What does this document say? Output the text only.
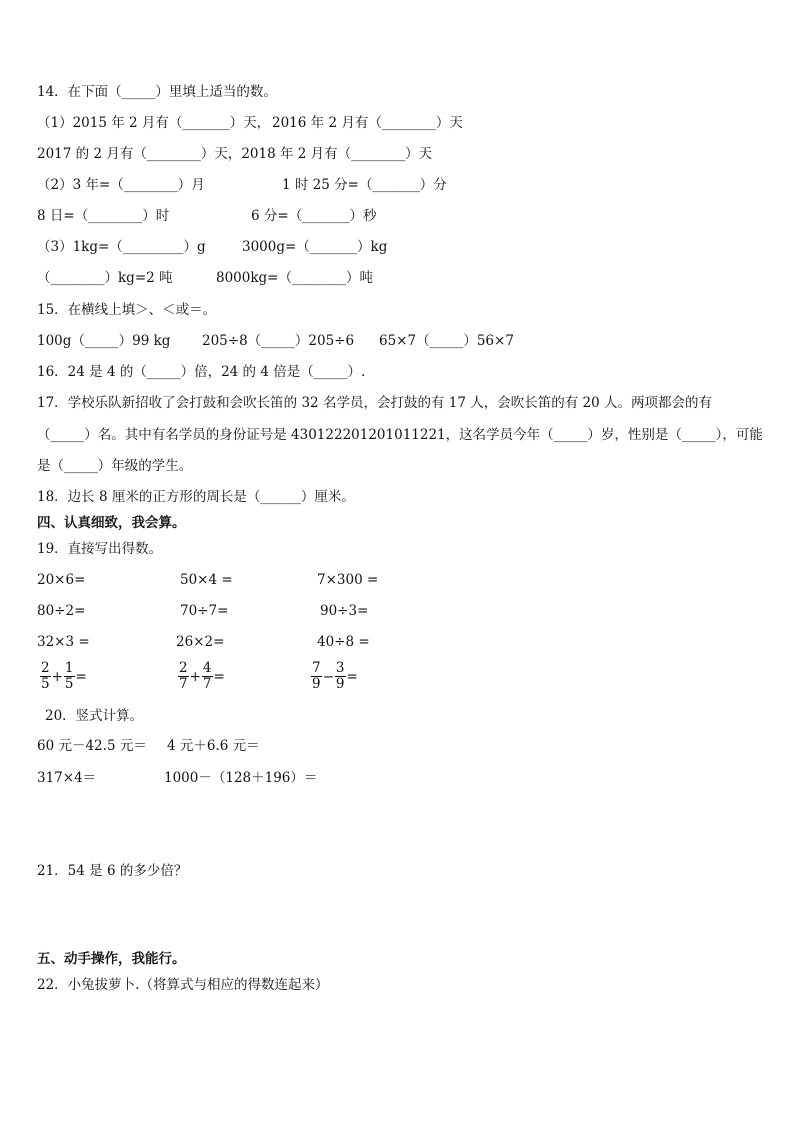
14．在下面（_____）里填上适当的数。
（1）2015 年 2 月有（_______）天， 2016 年 2 月有（________）天
2017 的 2 月有（________）天，2018 年 2 月有（________）天
（2）3 年=（________）月	1 时 25 分=（_______）分
8 日=（________）时	6 分=（_______）秒
（3）1kg=（_________）g	3000g=（_______）kg
（________）kg=2 吨	8000kg=（________）吨
15．在横线上填＞、＜或＝。
100g（_____）99 kg 205÷8（_____）205÷6 65×7（_____）56×7
16．24 是 4 的（_____）倍，24 的 4 倍是（_____）.
17．学校乐队新招收了会打鼓和会吹长笛的 32 名学员，会打鼓的有 17 人，会吹长笛的有 20 人。两项都会的有
（_____）名。其中有名学员的身份证号是 430122201201011221，这名学员今年（_____）岁，性别是（_____），可能
是（_____）年级的学生。
18．边长 8 厘米的正方形的周长是（______）厘米。
四、认真细致，我会算。
19．直接写出得数。
20×6=	50×4 =	7×300 =
80÷2=	70÷7=	90÷3=
32×3 =	26×2=	40÷8 =
$\frac{2}{5} + \frac{1}{5}$ =	$\frac{2}{7} + \frac{4}{7}$ =	$\frac{7}{9} - \frac{3}{9}$ =
20．竖式计算。
60 元－42.5 元＝ 4 元＋6.6 元＝
317×4＝	1000－（128＋196）＝
21．54 是 6 的多少倍？
五、动手操作，我能行。
22．小兔拔萝卜.（将算式与相应的得数连起来）
